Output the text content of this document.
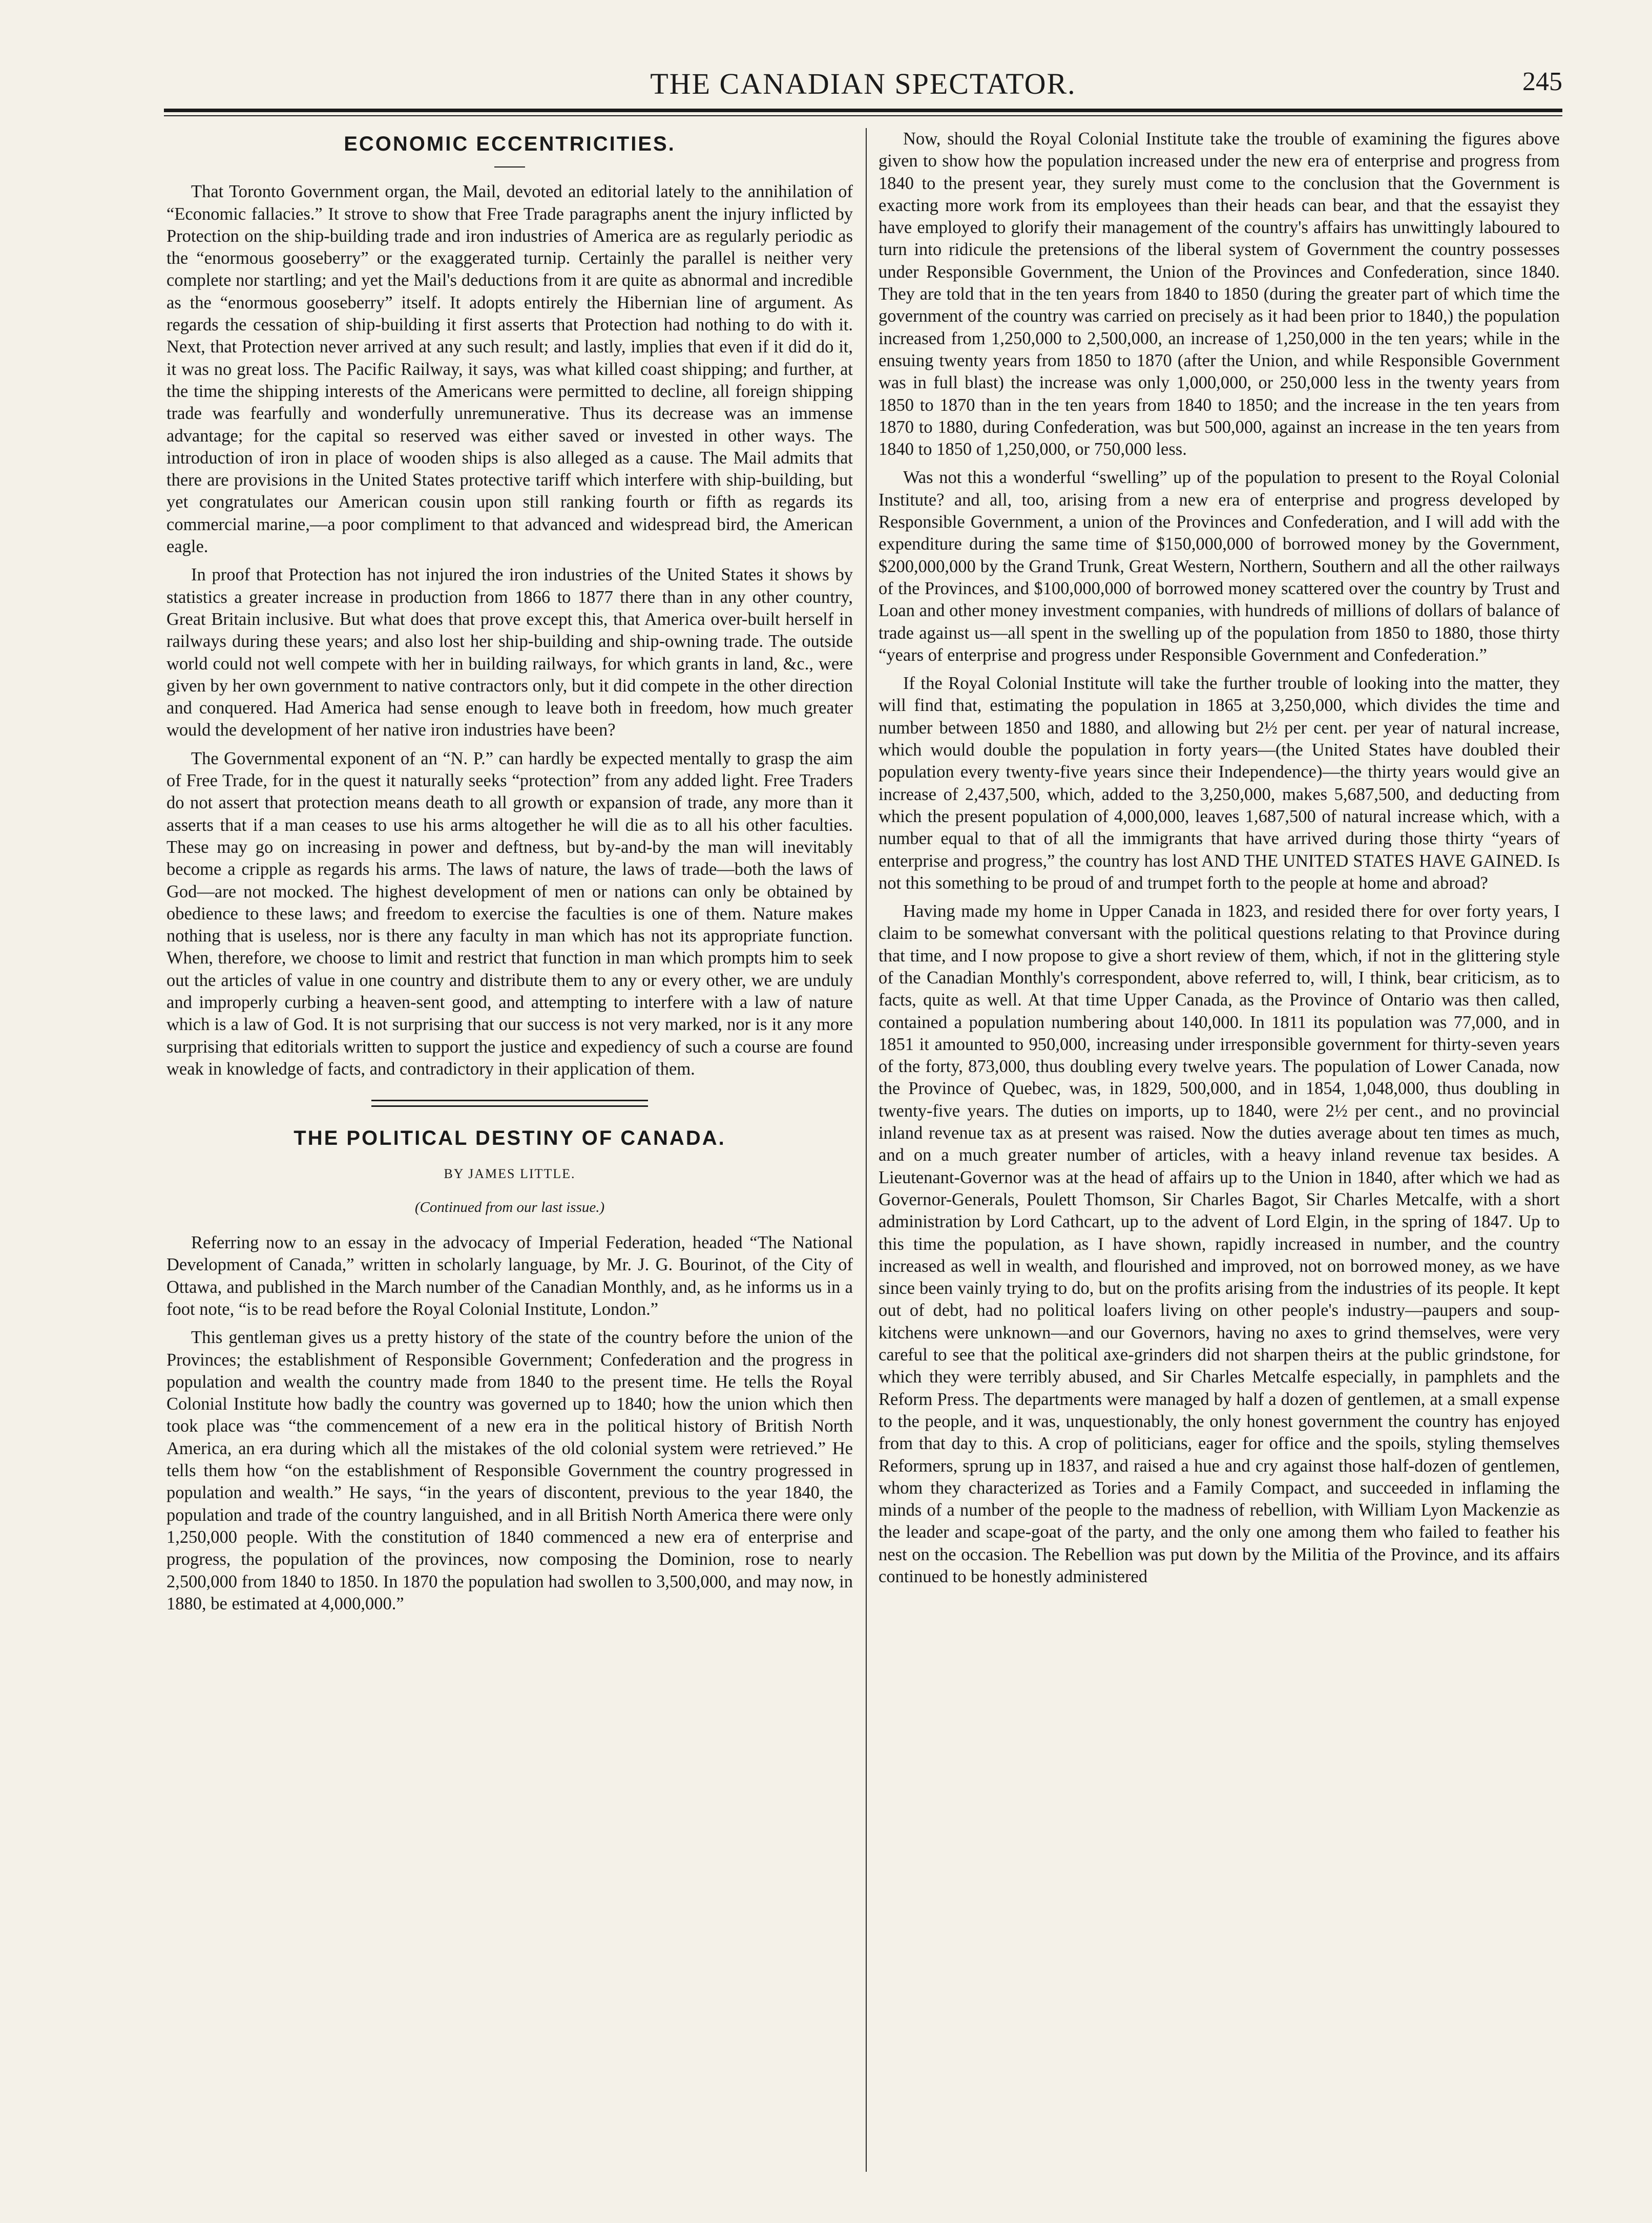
THE CANADIAN SPECTATOR.	245
ECONOMIC ECCENTRICITIES.

That Toronto Government organ, the Mail, devoted an editorial lately to the annihilation of “Economic fallacies.” It strove to show that Free Trade paragraphs anent the injury inflicted by Protection on the ship-building trade and iron industries of America are as regularly periodic as the “enormous gooseberry” or the exaggerated turnip. Certainly the parallel is neither very complete nor startling; and yet the Mail's deductions from it are quite as abnormal and incredible as the “enormous gooseberry” itself. It adopts entirely the Hibernian line of argument. As regards the cessation of ship-building it first asserts that Protection had nothing to do with it. Next, that Protection never arrived at any such result; and lastly, implies that even if it did do it, it was no great loss. The Pacific Railway, it says, was what killed coast shipping; and further, at the time the shipping interests of the Americans were permitted to decline, all foreign shipping trade was fearfully and wonderfully unremunerative. Thus its decrease was an immense advantage; for the capital so reserved was either saved or invested in other ways. The introduction of iron in place of wooden ships is also alleged as a cause. The Mail admits that there are provisions in the United States protective tariff which interfere with ship-building, but yet congratulates our American cousin upon still ranking fourth or fifth as regards its commercial marine,—a poor compliment to that advanced and widespread bird, the American eagle.

In proof that Protection has not injured the iron industries of the United States it shows by statistics a greater increase in production from 1866 to 1877 there than in any other country, Great Britain inclusive. But what does that prove except this, that America over-built herself in railways during these years; and also lost her ship-building and ship-owning trade. The outside world could not well compete with her in building railways, for which grants in land, &c., were given by her own government to native contractors only, but it did compete in the other direction and conquered. Had America had sense enough to leave both in freedom, how much greater would the development of her native iron industries have been?

The Governmental exponent of an “N. P.” can hardly be expected mentally to grasp the aim of Free Trade, for in the quest it naturally seeks “protection” from any added light. Free Traders do not assert that protection means death to all growth or expansion of trade, any more than it asserts that if a man ceases to use his arms altogether he will die as to all his other faculties. These may go on increasing in power and deftness, but by-and-by the man will inevitably become a cripple as regards his arms. The laws of nature, the laws of trade—both the laws of God—are not mocked. The highest development of men or nations can only be obtained by obedience to these laws; and freedom to exercise the faculties is one of them. Nature makes nothing that is useless, nor is there any faculty in man which has not its appropriate function. When, therefore, we choose to limit and restrict that function in man which prompts him to seek out the articles of value in one country and distribute them to any or every other, we are unduly and improperly curbing a heaven-sent good, and attempting to interfere with a law of nature which is a law of God. It is not surprising that our success is not very marked, nor is it any more surprising that editorials written to support the justice and expediency of such a course are found weak in knowledge of facts, and contradictory in their application of them.

THE POLITICAL DESTINY OF CANADA.
BY JAMES LITTLE.
(Continued from our last issue.)

Referring now to an essay in the advocacy of Imperial Federation, headed “The National Development of Canada,” written in scholarly language, by Mr. J. G. Bourinot, of the City of Ottawa, and published in the March number of the Canadian Monthly, and, as he informs us in a foot note, “is to be read before the Royal Colonial Institute, London.”

This gentleman gives us a pretty history of the state of the country before the union of the Provinces; the establishment of Responsible Government; Confederation and the progress in population and wealth the country made from 1840 to the present time. He tells the Royal Colonial Institute how badly the country was governed up to 1840; how the union which then took place was “the commencement of a new era in the political history of British North America, an era during which all the mistakes of the old colonial system were retrieved.” He tells them how “on the establishment of Responsible Government the country progressed in population and wealth.” He says, “in the years of discontent, previous to the year 1840, the population and trade of the country languished, and in all British North America there were only 1,250,000 people. With the constitution of 1840 commenced a new era of enterprise and progress, the population of the provinces, now composing the Dominion, rose to nearly 2,500,000 from 1840 to 1850. In 1870 the population had swollen to 3,500,000, and may now, in 1880, be estimated at 4,000,000.”

Now, should the Royal Colonial Institute take the trouble of examining the figures above given to show how the population increased under the new era of enterprise and progress from 1840 to the present year, they surely must come to the conclusion that the Government is exacting more work from its employees than their heads can bear, and that the essayist they have employed to glorify their management of the country's affairs has unwittingly laboured to turn into ridicule the pretensions of the liberal system of Government the country possesses under Responsible Government, the Union of the Provinces and Confederation, since 1840. They are told that in the ten years from 1840 to 1850 (during the greater part of which time the government of the country was carried on precisely as it had been prior to 1840,) the population increased from 1,250,000 to 2,500,000, an increase of 1,250,000 in the ten years; while in the ensuing twenty years from 1850 to 1870 (after the Union, and while Responsible Government was in full blast) the increase was only 1,000,000, or 250,000 less in the twenty years from 1850 to 1870 than in the ten years from 1840 to 1850; and the increase in the ten years from 1870 to 1880, during Confederation, was but 500,000, against an increase in the ten years from 1840 to 1850 of 1,250,000, or 750,000 less.

Was not this a wonderful “swelling” up of the population to present to the Royal Colonial Institute? and all, too, arising from a new era of enterprise and progress developed by Responsible Government, a union of the Provinces and Confederation, and I will add with the expenditure during the same time of $150,000,000 of borrowed money by the Government, $200,000,000 by the Grand Trunk, Great Western, Northern, Southern and all the other railways of the Provinces, and $100,000,000 of borrowed money scattered over the country by Trust and Loan and other money investment companies, with hundreds of millions of dollars of balance of trade against us—all spent in the swelling up of the population from 1850 to 1880, those thirty “years of enterprise and progress under Responsible Government and Confederation.”

If the Royal Colonial Institute will take the further trouble of looking into the matter, they will find that, estimating the population in 1865 at 3,250,000, which divides the time and number between 1850 and 1880, and allowing but 2½ per cent. per year of natural increase, which would double the population in forty years—(the United States have doubled their population every twenty-five years since their Independence)—the thirty years would give an increase of 2,437,500, which, added to the 3,250,000, makes 5,687,500, and deducting from which the present population of 4,000,000, leaves 1,687,500 of natural increase which, with a number equal to that of all the immigrants that have arrived during those thirty “years of enterprise and progress,” the country has lost AND THE UNITED STATES HAVE GAINED. Is not this something to be proud of and trumpet forth to the people at home and abroad?

Having made my home in Upper Canada in 1823, and resided there for over forty years, I claim to be somewhat conversant with the political questions relating to that Province during that time, and I now propose to give a short review of them, which, if not in the glittering style of the Canadian Monthly's correspondent, above referred to, will, I think, bear criticism, as to facts, quite as well. At that time Upper Canada, as the Province of Ontario was then called, contained a population numbering about 140,000. In 1811 its population was 77,000, and in 1851 it amounted to 950,000, increasing under irresponsible government for thirty-seven years of the forty, 873,000, thus doubling every twelve years. The population of Lower Canada, now the Province of Quebec, was, in 1829, 500,000, and in 1854, 1,048,000, thus doubling in twenty-five years. The duties on imports, up to 1840, were 2½ per cent., and no provincial inland revenue tax as at present was raised. Now the duties average about ten times as much, and on a much greater number of articles, with a heavy inland revenue tax besides. A Lieutenant-Governor was at the head of affairs up to the Union in 1840, after which we had as Governor-Generals, Poulett Thomson, Sir Charles Bagot, Sir Charles Metcalfe, with a short administration by Lord Cathcart, up to the advent of Lord Elgin, in the spring of 1847. Up to this time the population, as I have shown, rapidly increased in number, and the country increased as well in wealth, and flourished and improved, not on borrowed money, as we have since been vainly trying to do, but on the profits arising from the industries of its people. It kept out of debt, had no political loafers living on other people's industry—paupers and soup-kitchens were unknown—and our Governors, having no axes to grind themselves, were very careful to see that the political axe-grinders did not sharpen theirs at the public grindstone, for which they were terribly abused, and Sir Charles Metcalfe especially, in pamphlets and the Reform Press. The departments were managed by half a dozen of gentlemen, at a small expense to the people, and it was, unquestionably, the only honest government the country has enjoyed from that day to this. A crop of politicians, eager for office and the spoils, styling themselves Reformers, sprung up in 1837, and raised a hue and cry against those half-dozen of gentlemen, whom they characterized as Tories and a Family Compact, and succeeded in inflaming the minds of a number of the people to the madness of rebellion, with William Lyon Mackenzie as the leader and scape-goat of the party, and the only one among them who failed to feather his nest on the occasion. The Rebellion was put down by the Militia of the Province, and its affairs continued to be honestly administered
